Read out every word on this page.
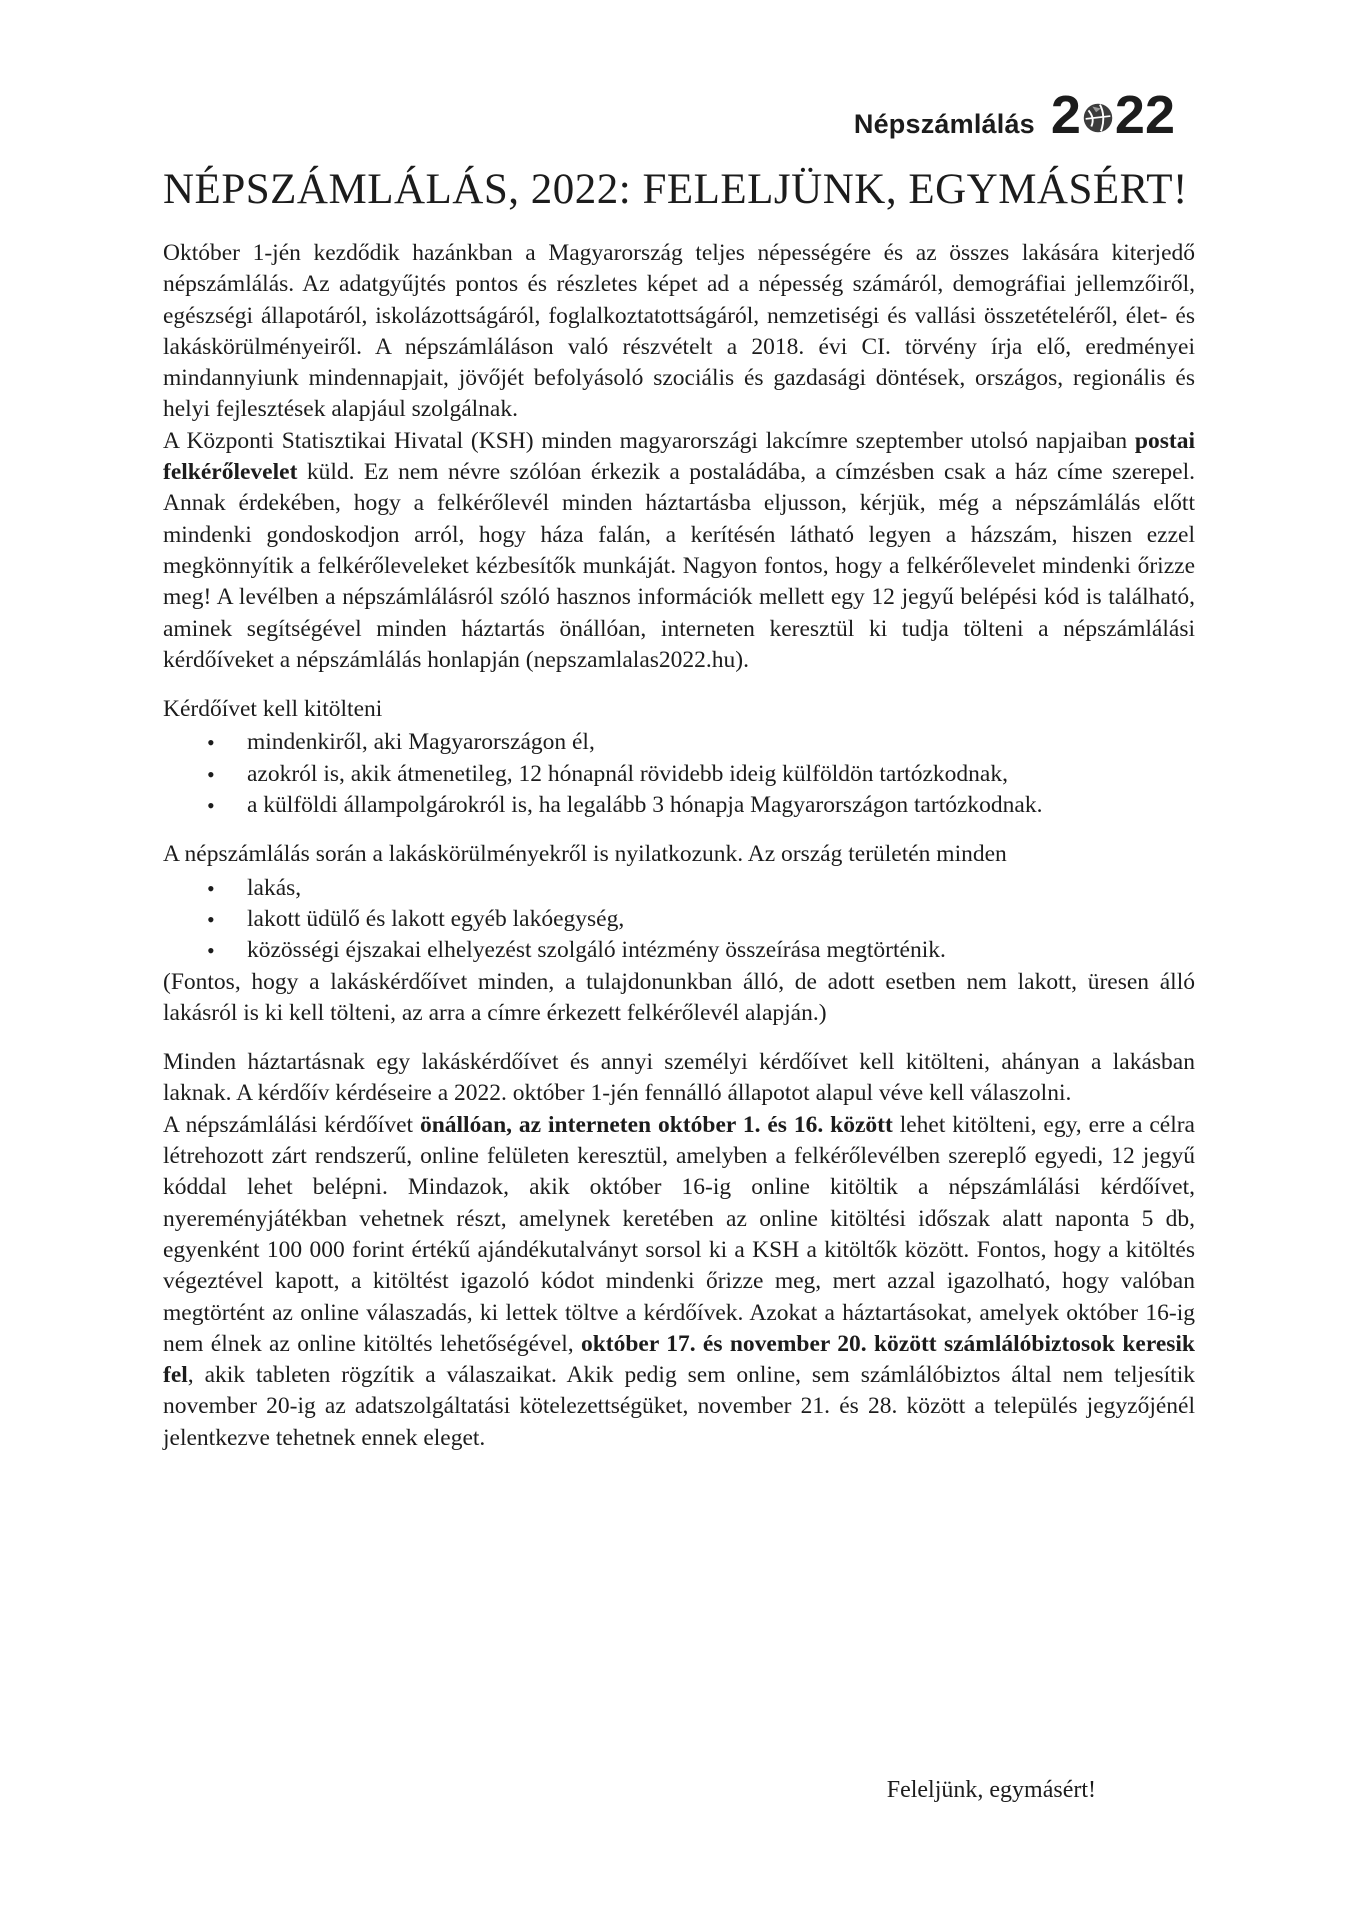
Népszámlálás 2 22
NÉPSZÁMLÁLÁS, 2022: FELELJÜNK, EGYMÁSÉRT!

Október 1-jén kezdődik hazánkban a Magyarország teljes népességére és az összes lakására kiterjedő népszámlálás. Az adatgyűjtés pontos és részletes képet ad a népesség számáról, demográfiai jellemzőiről, egészségi állapotáról, iskolázottságáról, foglalkoztatottságáról, nemzetiségi és vallási összetételéről, élet- és lakáskörülményeiről. A népszámláláson való részvételt a 2018. évi CI. törvény írja elő, eredményei mindannyiunk mindennapjait, jövőjét befolyásoló szociális és gazdasági döntések, országos, regionális és helyi fejlesztések alapjául szolgálnak.

A Központi Statisztikai Hivatal (KSH) minden magyarországi lakcímre szeptember utolsó napjaiban postai felkérőlevelet küld. Ez nem névre szólóan érkezik a postaládába, a címzésben csak a ház címe szerepel. Annak érdekében, hogy a felkérőlevél minden háztartásba eljusson, kérjük, még a népszámlálás előtt mindenki gondoskodjon arról, hogy háza falán, a kerítésén látható legyen a házszám, hiszen ezzel megkönnyítik a felkérőleveleket kézbesítők munkáját. Nagyon fontos, hogy a felkérőlevelet mindenki őrizze meg! A levélben a népszámlálásról szóló hasznos információk mellett egy 12 jegyű belépési kód is található, aminek segítségével minden háztartás önállóan, interneten keresztül ki tudja tölteni a népszámlálási kérdőíveket a népszámlálás honlapján (nepszamlalas2022.hu).

Kérdőívet kell kitölteni

• mindenkiről, aki Magyarországon él,
• azokról is, akik átmenetileg, 12 hónapnál rövidebb ideig külföldön tartózkodnak,
• a külföldi állampolgárokról is, ha legalább 3 hónapja Magyarországon tartózkodnak.

A népszámlálás során a lakáskörülményekről is nyilatkozunk. Az ország területén minden

• lakás,
• lakott üdülő és lakott egyéb lakóegység,
• közösségi éjszakai elhelyezést szolgáló intézmény összeírása megtörténik.

(Fontos, hogy a lakáskérdőívet minden, a tulajdonunkban álló, de adott esetben nem lakott, üresen álló lakásról is ki kell tölteni, az arra a címre érkezett felkérőlevél alapján.)

Minden háztartásnak egy lakáskérdőívet és annyi személyi kérdőívet kell kitölteni, ahányan a lakásban laknak. A kérdőív kérdéseire a 2022. október 1-jén fennálló állapotot alapul véve kell válaszolni.

A népszámlálási kérdőívet önállóan, az interneten október 1. és 16. között lehet kitölteni, egy, erre a célra létrehozott zárt rendszerű, online felületen keresztül, amelyben a felkérőlevélben szereplő egyedi, 12 jegyű kóddal lehet belépni. Mindazok, akik október 16-ig online kitöltik a népszámlálási kérdőívet, nyereményjátékban vehetnek részt, amelynek keretében az online kitöltési időszak alatt naponta 5 db, egyenként 100 000 forint értékű ajándékutalványt sorsol ki a KSH a kitöltők között. Fontos, hogy a kitöltés végeztével kapott, a kitöltést igazoló kódot mindenki őrizze meg, mert azzal igazolható, hogy valóban megtörtént az online válaszadás, ki lettek töltve a kérdőívek. Azokat a háztartásokat, amelyek október 16-ig nem élnek az online kitöltés lehetőségével, október 17. és november 20. között számlálóbiztosok keresik fel, akik tableten rögzítik a válaszaikat. Akik pedig sem online, sem számlálóbiztos által nem teljesítik november 20-ig az adatszolgáltatási kötelezettségüket, november 21. és 28. között a település jegyzőjénél jelentkezve tehetnek ennek eleget.

Feleljünk, egymásért!
